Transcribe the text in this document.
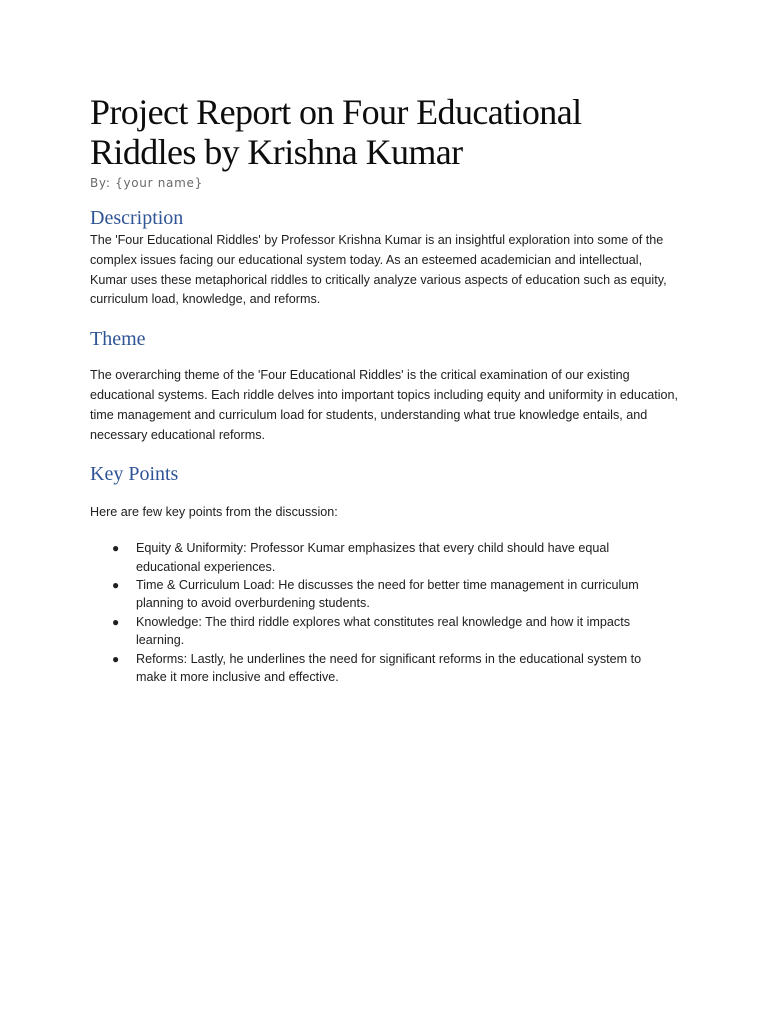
Project Report on Four Educational Riddles by Krishna Kumar
By: {your name}
Description

The 'Four Educational Riddles' by Professor Krishna Kumar is an insightful exploration into some of the complex issues facing our educational system today. As an esteemed academician and intellectual, Kumar uses these metaphorical riddles to critically analyze various aspects of education such as equity, curriculum load, knowledge, and reforms.

Theme

The overarching theme of the 'Four Educational Riddles' is the critical examination of our existing educational systems. Each riddle delves into important topics including equity and uniformity in education, time management and curriculum load for students, understanding what true knowledge entails, and necessary educational reforms.

Key Points

Here are few key points from the discussion:

● Equity & Uniformity: Professor Kumar emphasizes that every child should have equal educational experiences.
● Time & Curriculum Load: He discusses the need for better time management in curriculum planning to avoid overburdening students.
● Knowledge: The third riddle explores what constitutes real knowledge and how it impacts learning.
● Reforms: Lastly, he underlines the need for significant reforms in the educational system to make it more inclusive and effective.
